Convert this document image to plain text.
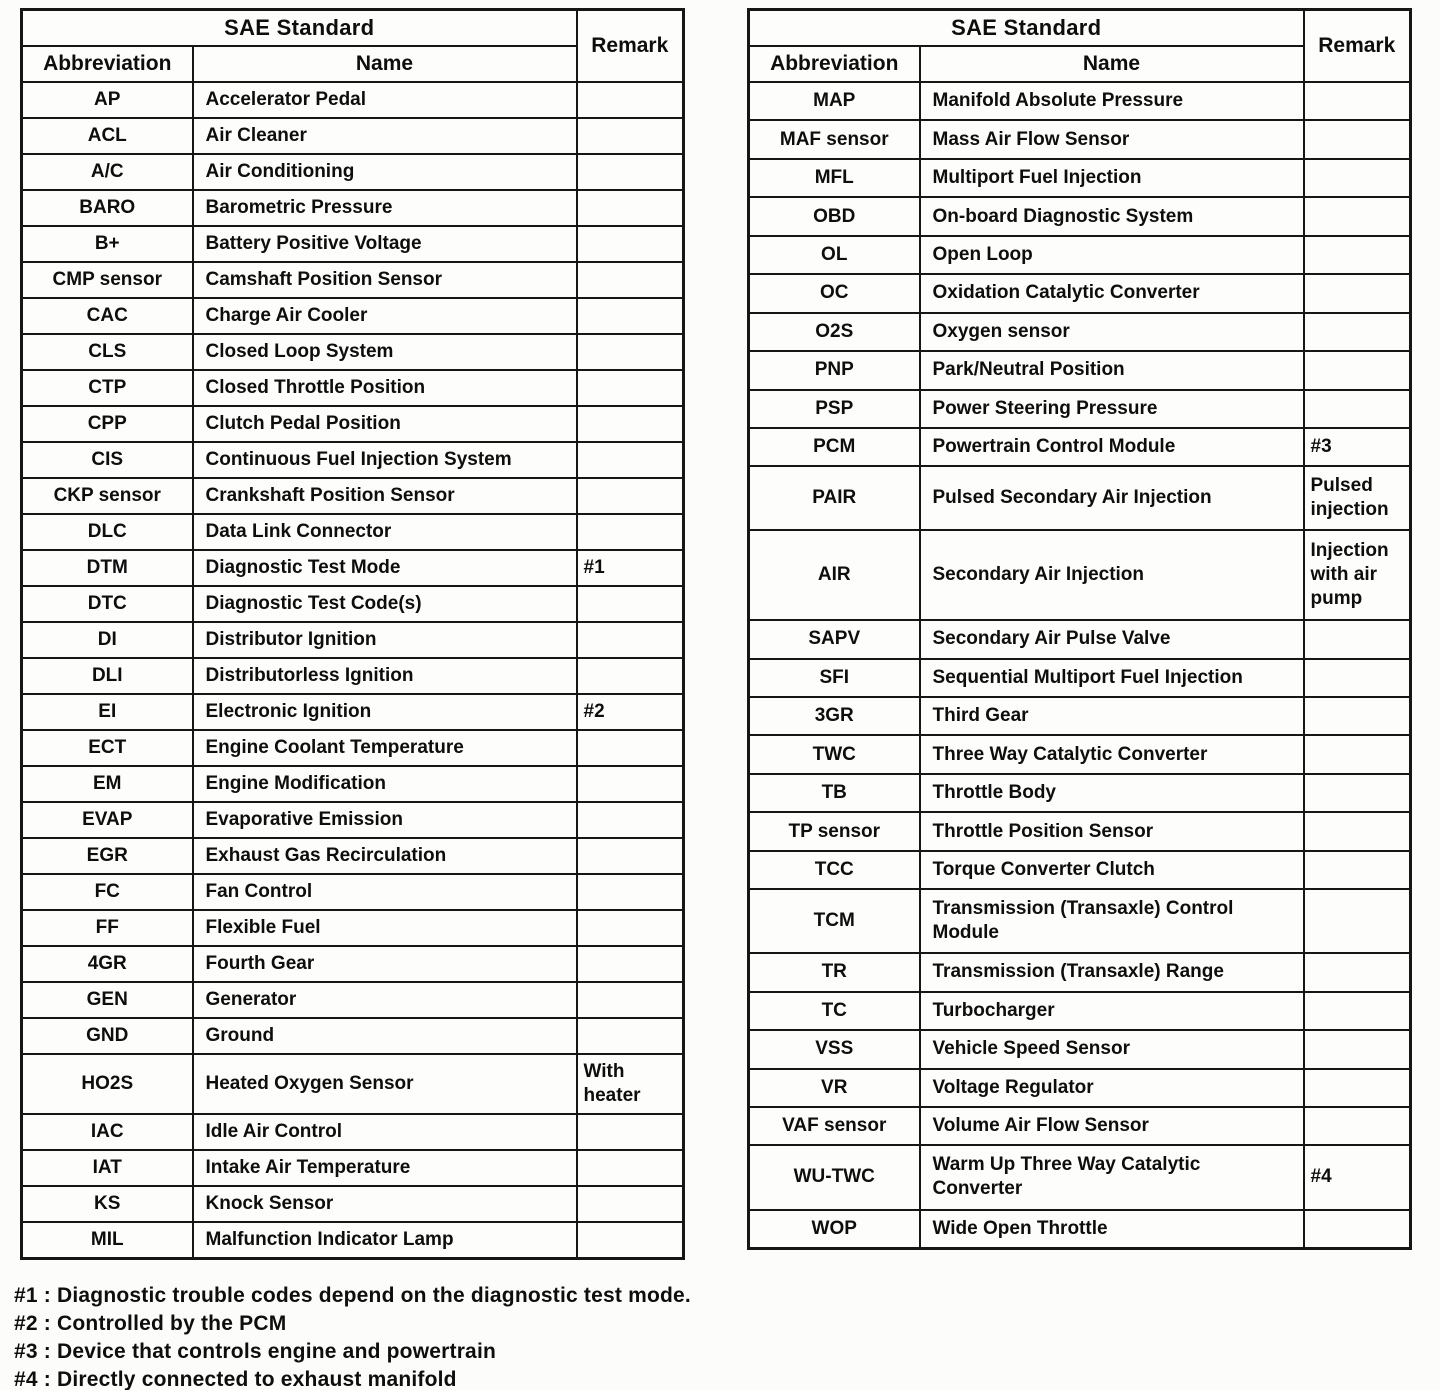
SAE Standard		Remark
Abbreviation	Name	
AP	Accelerator Pedal	
ACL	Air Cleaner	
A/C	Air Conditioning	
BARO	Barometric Pressure	
B+	Battery Positive Voltage	
CMP sensor	Camshaft Position Sensor	
CAC	Charge Air Cooler	
CLS	Closed Loop System	
CTP	Closed Throttle Position	
CPP	Clutch Pedal Position	
CIS	Continuous Fuel Injection System	
CKP sensor	Crankshaft Position Sensor	
DLC	Data Link Connector	
DTM	Diagnostic Test Mode	#1
DTC	Diagnostic Test Code(s)	
DI	Distributor Ignition	
DLI	Distributorless Ignition	
EI	Electronic Ignition	#2
ECT	Engine Coolant Temperature	
EM	Engine Modification	
EVAP	Evaporative Emission	
EGR	Exhaust Gas Recirculation	
FC	Fan Control	
FF	Flexible Fuel	
4GR	Fourth Gear	
GEN	Generator	
GND	Ground	
HO2S	Heated Oxygen Sensor	With heater
IAC	Idle Air Control	
IAT	Intake Air Temperature	
KS	Knock Sensor	
MIL	Malfunction Indicator Lamp	
SAE Standard		Remark
Abbreviation	Name	
MAP	Manifold Absolute Pressure	
MAF sensor	Mass Air Flow Sensor	
MFL	Multiport Fuel Injection	
OBD	On-board Diagnostic System	
OL	Open Loop	
OC	Oxidation Catalytic Converter	
O2S	Oxygen sensor	
PNP	Park/Neutral Position	
PSP	Power Steering Pressure	
PCM	Powertrain Control Module	#3
PAIR	Pulsed Secondary Air Injection	Pulsed injection
AIR	Secondary Air Injection	Injection with air pump
SAPV	Secondary Air Pulse Valve	
SFI	Sequential Multiport Fuel Injection	
3GR	Third Gear	
TWC	Three Way Catalytic Converter	
TB	Throttle Body	
TP sensor	Throttle Position Sensor	
TCC	Torque Converter Clutch	
TCM	Transmission (Transaxle) Control Module	
TR	Transmission (Transaxle) Range	
TC	Turbocharger	
VSS	Vehicle Speed Sensor	
VR	Voltage Regulator	
VAF sensor	Volume Air Flow Sensor	
WU-TWC	Warm Up Three Way Catalytic Converter	#4
WOP	Wide Open Throttle	
#1 : Diagnostic trouble codes depend on the diagnostic test mode.
#2 : Controlled by the PCM
#3 : Device that controls engine and powertrain
#4 : Directly connected to exhaust manifold
